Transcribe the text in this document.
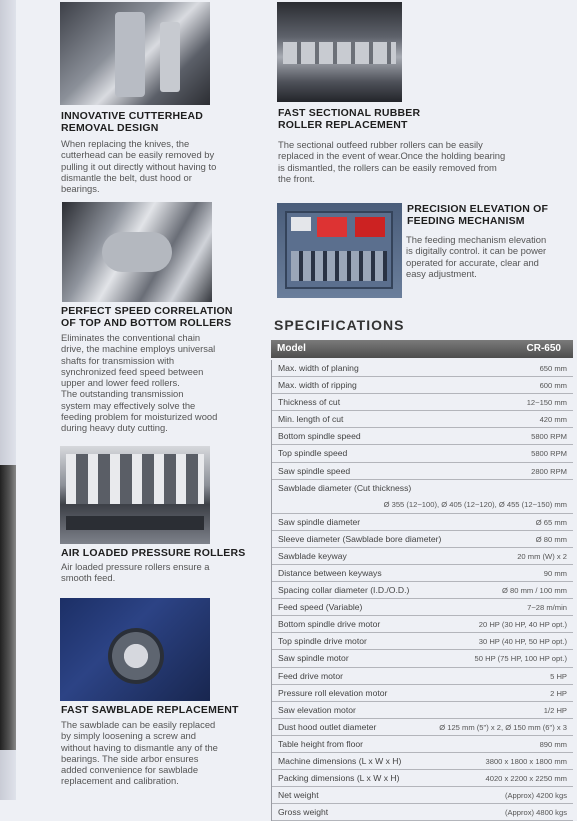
INNOVATIVE CUTTERHEAD
REMOVAL DESIGN
When replacing the knives, the
cutterhead can be easily removed by
pulling it out directly without having to
dismantle the belt, dust hood or
bearings.
PERFECT SPEED CORRELATION
OF TOP AND BOTTOM ROLLERS
Eliminates the conventional chain
drive, the machine employs universal
shafts for transmission with
synchronized feed speed between
upper and lower feed rollers.
The outstanding transmission
system may effectively solve the
feeding problem for moisturized wood
during heavy duty cutting.
AIR LOADED PRESSURE ROLLERS
Air loaded pressure rollers ensure a
smooth feed.
FAST SAWBLADE REPLACEMENT
The sawblade can be easily replaced
by simply loosening a screw and
without having to dismantle any of the
bearings. The side arbor ensures
added convenience for sawblade
replacement and calibration.
FAST SECTIONAL RUBBER
ROLLER REPLACEMENT
The sectional outfeed rubber rollers can be easily
replaced in the event of wear.Once the holding bearing
is dismantled, the rollers can be easily removed from
the front.
PRECISION ELEVATION OF
FEEDING MECHANISM
The feeding mechanism elevation
is digitally control. it can be power
operated for accurate, clear and
easy adjustment.
SPECIFICATIONS
Model	CR-650
Max. width of planing	650 mm
Max. width of ripping	600 mm
Thickness of cut	12~150 mm
Min. length of cut	420 mm
Bottom spindle speed	5800 RPM
Top spindle speed	5800 RPM
Saw spindle speed	2800 RPM
Sawblade diameter (Cut thickness)
Ø 355 (12~100), Ø 405 (12~120), Ø 455 (12~150) mm
Saw spindle diameter	Ø 65 mm
Sleeve diameter (Sawblade bore diameter)	Ø 80 mm
Sawblade keyway	20 mm (W) x 2
Distance between keyways	90 mm
Spacing collar diameter (I.D./O.D.)	Ø 80 mm / 100 mm
Feed speed (Variable)	7~28 m/min
Bottom spindle drive motor	20 HP (30 HP, 40 HP opt.)
Top spindle drive motor	30 HP (40 HP, 50 HP opt.)
Saw spindle motor	50 HP (75 HP, 100 HP opt.)
Feed drive motor	5 HP
Pressure roll elevation motor	2 HP
Saw elevation motor	1/2 HP
Dust hood outlet diameter	Ø 125 mm (5") x 2, Ø 150 mm (6") x 3
Table height from floor	890 mm
Machine dimensions (L x W x H)	3800 x 1800 x 1800 mm
Packing dimensions (L x W x H)	4020 x 2200 x 2250 mm
Net weight	(Approx) 4200 kgs
Gross weight	(Approx) 4800 kgs
